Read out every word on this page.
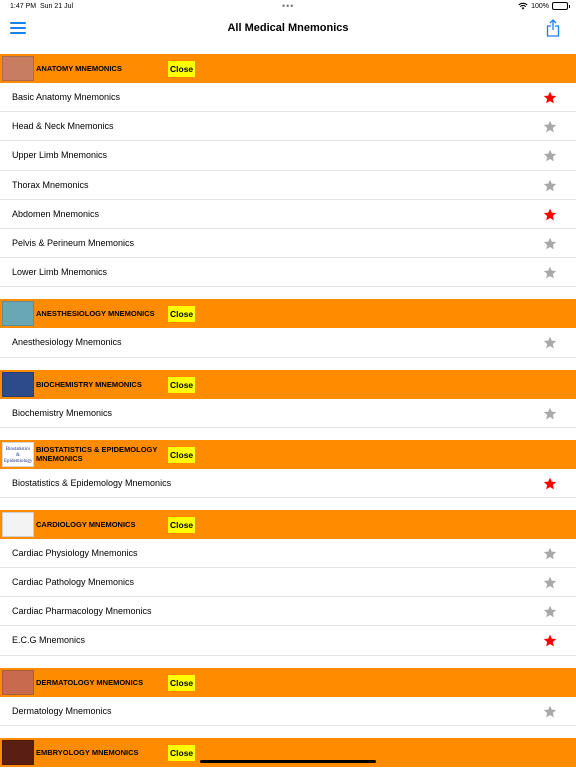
1:47 PM Sun 21 Jul	•••	100%
All Medical Mnemonics
ANATOMY MNEMONICS	Close
Basic Anatomy Mnemonics
Head & Neck Mnemonics
Upper Limb Mnemonics
Thorax Mnemonics
Abdomen Mnemonics
Pelvis & Perineum Mnemonics
Lower Limb Mnemonics
ANESTHESIOLOGY MNEMONICS	Close
Anesthesiology Mnemonics
BIOCHEMISTRY MNEMONICS	Close
Biochemistry Mnemonics
Biostatistics & Epidemiology
BIOSTATISTICS & EPIDEMOLOGY MNEMONICS	Close
Biostatistics & Epidemology Mnemonics
CARDIOLOGY MNEMONICS	Close
Cardiac Physiology Mnemonics
Cardiac Pathology Mnemonics
Cardiac Pharmacology Mnemonics
E.C.G Mnemonics
DERMATOLOGY MNEMONICS	Close
Dermatology Mnemonics
EMBRYOLOGY MNEMONICS	Close
